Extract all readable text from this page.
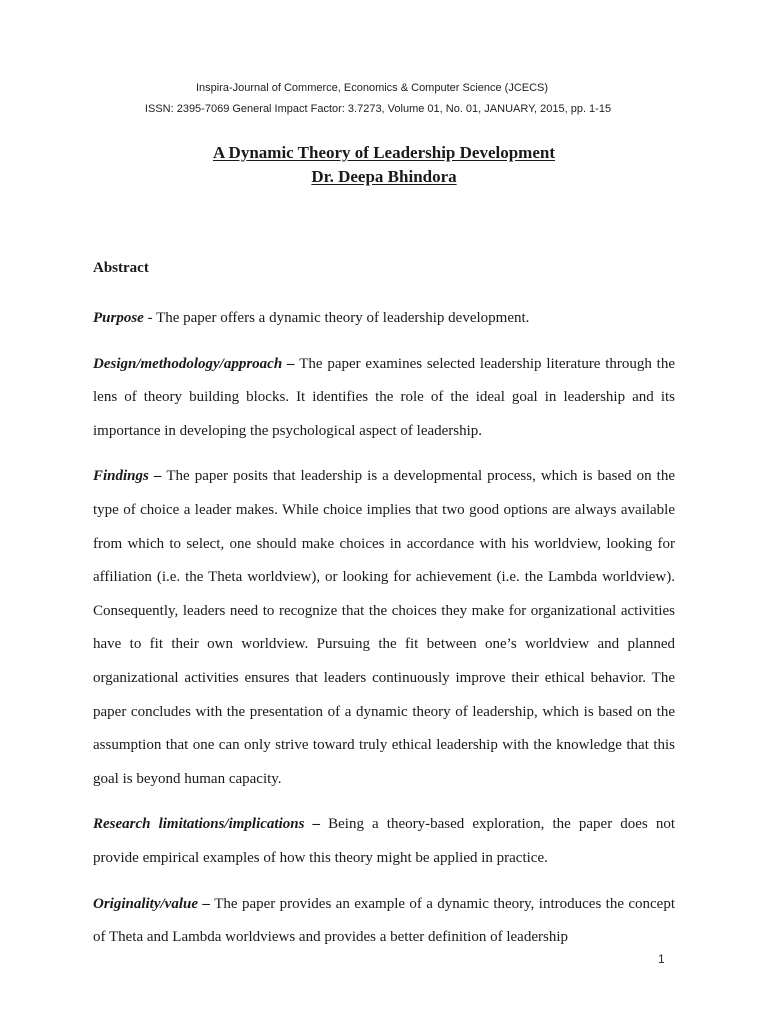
Inspira-Journal of Commerce, Economics & Computer Science (JCECS)
ISSN: 2395-7069 General Impact Factor: 3.7273, Volume 01, No. 01, JANUARY, 2015, pp. 1-15
A Dynamic Theory of Leadership Development
Dr. Deepa Bhindora
Abstract

Purpose - The paper offers a dynamic theory of leadership development.

Design/methodology/approach – The paper examines selected leadership literature through the lens of theory building blocks. It identifies the role of the ideal goal in leadership and its importance in developing the psychological aspect of leadership.

Findings – The paper posits that leadership is a developmental process, which is based on the type of choice a leader makes. While choice implies that two good options are always available from which to select, one should make choices in accordance with his worldview, looking for affiliation (i.e. the Theta worldview), or looking for achievement (i.e. the Lambda worldview). Consequently, leaders need to recognize that the choices they make for organizational activities have to fit their own worldview. Pursuing the fit between one’s worldview and planned organizational activities ensures that leaders continuously improve their ethical behavior. The paper concludes with the presentation of a dynamic theory of leadership, which is based on the assumption that one can only strive toward truly ethical leadership with the knowledge that this goal is beyond human capacity.

Research limitations/implications – Being a theory-based exploration, the paper does not provide empirical examples of how this theory might be applied in practice.

Originality/value – The paper provides an example of a dynamic theory, introduces the concept of Theta and Lambda worldviews and provides a better definition of leadership

1
